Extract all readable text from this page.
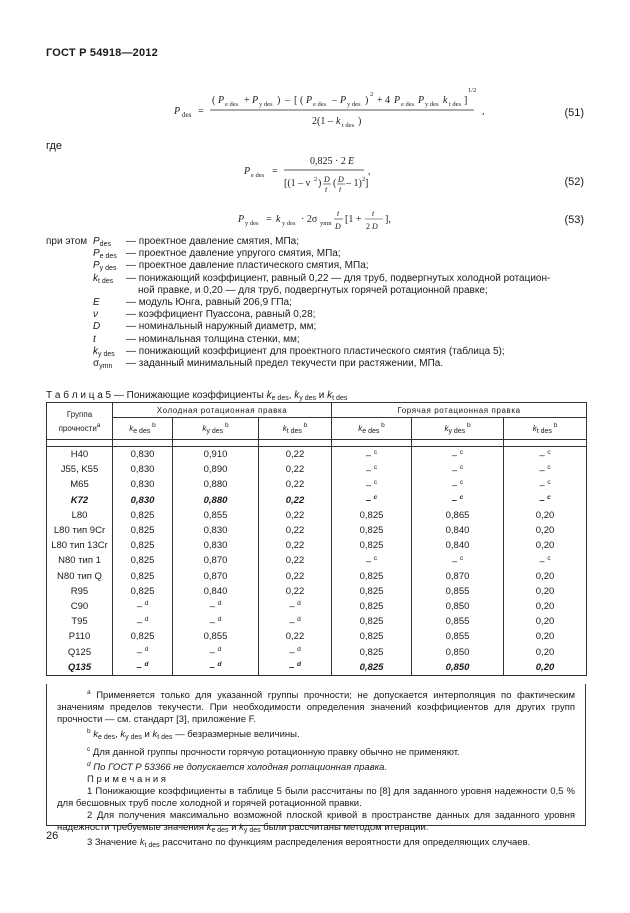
ГОСТ Р 54918—2012
P des =
( P e des + P y des ) – [ ( P e des – P y des )
2
+ 4 P e des P y des k t des ]
1/2
2(1 – k t des )
,	(51)
где
P e des =
0,825 · 2 E
[(1 – ν 2 ) D
t
( D
t
– 1) 2 ]
,
(52)
P y des = k y des · 2σ ymn
t
D
[1 +
t
2 D
],	(53)
при этом $P_{des}$ — проектное давление смятия, МПа;
$P_{e des}$ — проектное давление упругого смятия, МПа;
$P_{y des}$ — проектное давление пластического смятия, МПа;
$k_{t des}$ — понижающий коэффициент, равный 0,22 — для труб, подвергнутых холодной ротацион-
ной правке, и 0,20 — для труб, подвергнутых горячей ротационной правке;
E	— модуль Юнга, равный 206,9 ГПа;
ν	— коэффициент Пуассона, равный 0,28;
D	— номинальный наружный диаметр, мм;
t	— номинальная толщина стенки, мм;
$k_{y des}$ — понижающий коэффициент для проектного пластического смятия (таблица 5);
$\sigma_{ymn}$ — заданный минимальный предел текучести при растяжении, МПа.
Т а б л и ц а 5 — Понижающие коэффициенты $k_{e des}$, $k_{y des}$ и $k_{t des}$
Группа прочности$^a$	Холодная ротационная правка			Горячая ротационная правка		
	ke des $^b$	ky des $^b$	kt des $^b$	ke des $^b$	ky des $^b$	kt des $^b$

H40	0,830	0,910	0,22	– $^c$	– $^c$	– $^c$
J55, K55	0,830	0,890	0,22	– $^c$	– $^c$	– $^c$
M65	0,830	0,880	0,22	– $^c$	– $^c$	– $^c$
K72	0,830	0,880	0,22	– $^c$	– $^c$	– $^c$
L80	0,825	0,855	0,22	0,825	0,865	0,20
L80 тип 9Cr	0,825	0,830	0,22	0,825	0,840	0,20
L80 тип 13Cr	0,825	0,830	0,22	0,825	0,840	0,20
N80 тип 1	0,825	0,870	0,22	– $^c$	– $^c$	– $^c$
N80 тип Q	0,825	0,870	0,22	0,825	0,870	0,20
R95	0,825	0,840	0,22	0,825	0,855	0,20
C90	– $^d$	– $^d$	– $^d$	0,825	0,850	0,20
T95	– $^d$	– $^d$	– $^d$	0,825	0,855	0,20
P110	0,825	0,855	0,22	0,825	0,855	0,20
Q125	– $^d$	– $^d$	– $^d$	0,825	0,850	0,20
Q135	– $^d$	– $^d$	– $^d$	0,825	0,850	0,20

$^a$ Применяется только для указанной группы прочности; не допускается интерполяция по фактическим значениям пределов текучести. При необходимости определения значений коэффициентов для других групп прочности — см. стандарт [3], приложение F.

$^b$ $k_{e des}$, $k_{y des}$ и $k_{t des}$ — безразмерные величины.

$^c$ Для данной группы прочности горячую ротационную правку обычно не применяют.

$^d$ По ГОСТ Р 53366 не допускается холодная ротационная правка.

П р и м е ч а н и я

1 Понижающие коэффициенты в таблице 5 были рассчитаны по [8] для заданного уровня надежности 0,5 % для бесшовных труб после холодной и горячей ротационной правки.

2 Для получения максимально возможной плоской кривой в пространстве данных для заданного уровня надежности требуемые значения $k_{e des}$ и $k_{y des}$ были рассчитаны методом итерации.

3 Значение $k_{t des}$ рассчитано по функциям распределения вероятности для определяющих случаев.

26
